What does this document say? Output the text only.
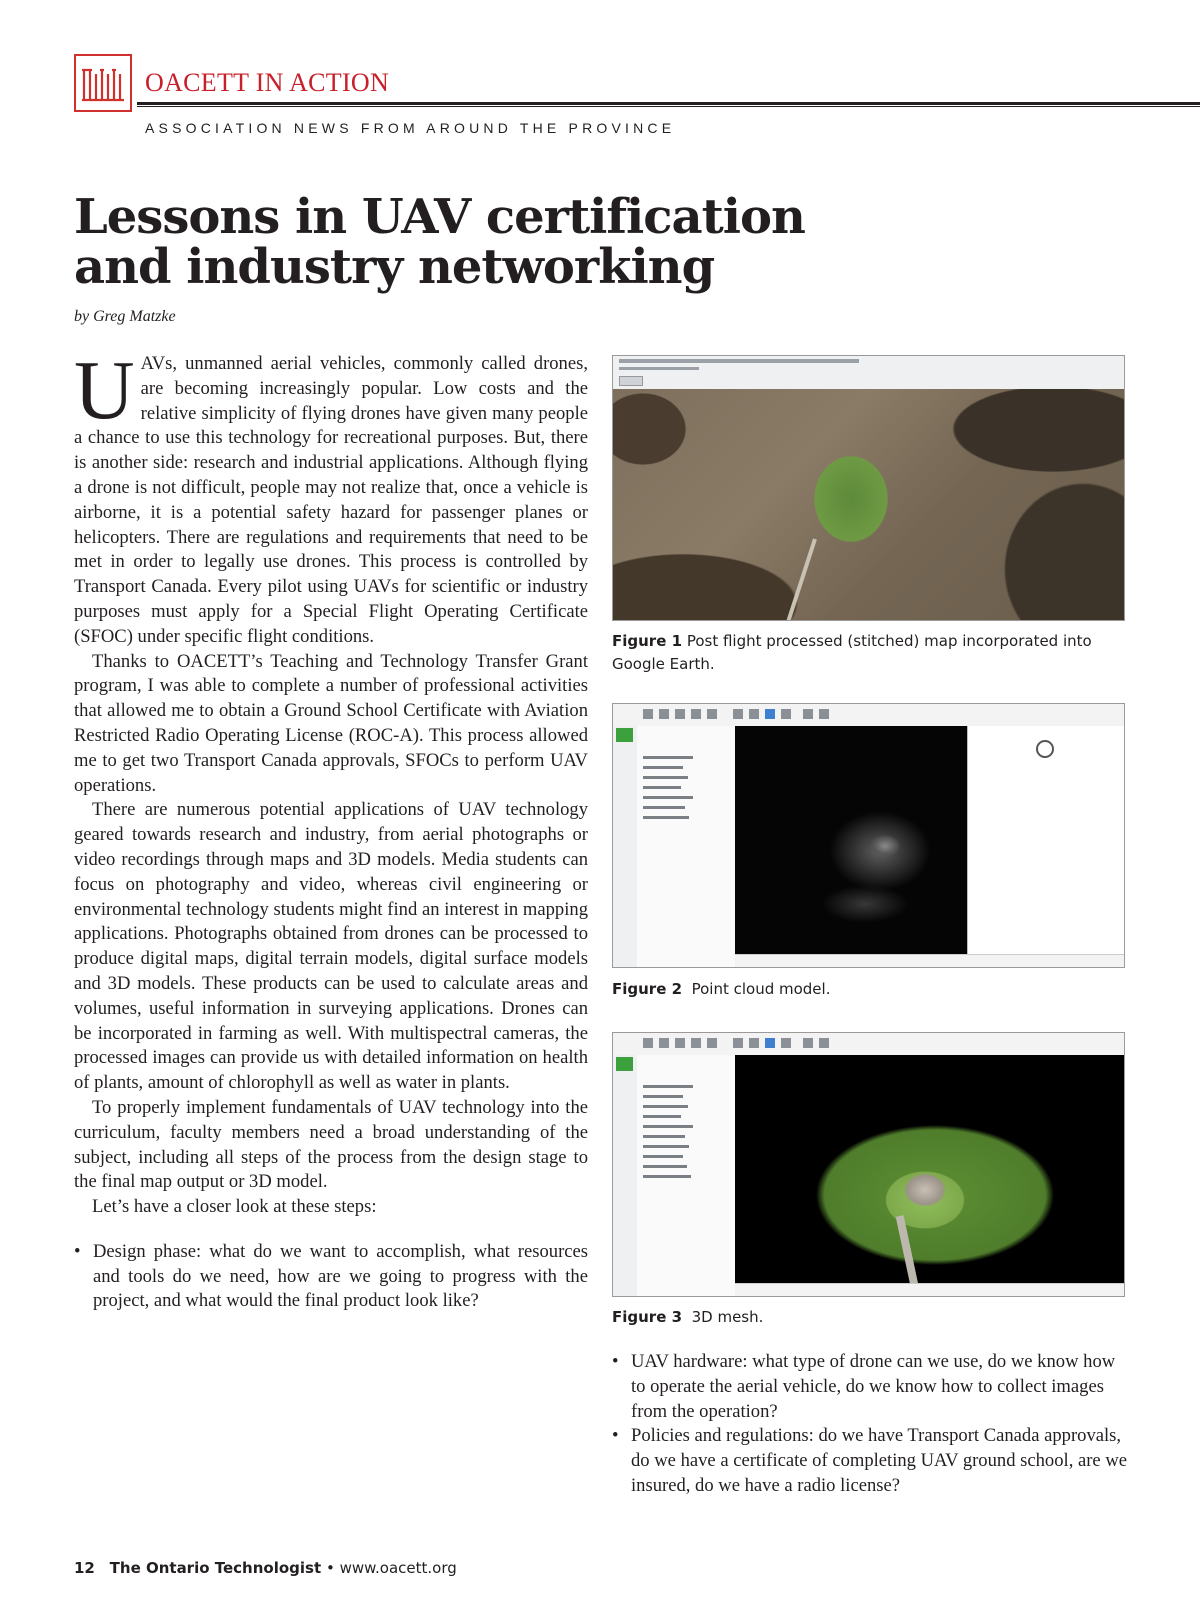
OACETT IN ACTION
ASSOCIATION NEWS FROM AROUND THE PROVINCE
Lessons in UAV certification and industry networking
by Greg Matzke

U AVs, unmanned aerial vehicles, commonly called drones, are becoming increasingly popular. Low costs and the relative simplicity of flying drones have given many people a chance to use this technology for recreational purposes. But, there is another side: research and industrial applications. Although flying a drone is not difficult, people may not realize that, once a vehicle is airborne, it is a potential safety hazard for passenger planes or helicopters. There are regulations and requirements that need to be met in order to legally use drones. This process is controlled by Transport Canada. Every pilot using UAVs for scientific or industry purposes must apply for a Special Flight Operating Certificate (SFOC) under specific flight conditions.

Thanks to OACETT’s Teaching and Technology Transfer Grant program, I was able to complete a number of professional activities that allowed me to obtain a Ground School Certificate with Aviation Restricted Radio Operating License (ROC-A). This process allowed me to get two Transport Canada approvals, SFOCs to perform UAV operations.

There are numerous potential applications of UAV technology geared towards research and industry, from aerial photographs or video recordings through maps and 3D models. Media students can focus on photography and video, whereas civil engineering or environmental technology students might find an interest in mapping applications. Photographs obtained from drones can be processed to produce digital maps, digital terrain models, digital surface models and 3D models. These products can be used to calculate areas and volumes, useful information in surveying applications. Drones can be incorporated in farming as well. With multispectral cameras, the processed images can provide us with detailed information on health of plants, amount of chlorophyll as well as water in plants.

To properly implement fundamentals of UAV technology into the curriculum, faculty members need a broad understanding of the subject, including all steps of the process from the design stage to the final map output or 3D model.

Let’s have a closer look at these steps:

• Design phase: what do we want to accomplish, what resources and tools do we need, how are we going to progress with the project, and what would the final product look like?
Figure 1 Post flight processed (stitched) map incorporated into Google Earth.
Figure 2 Point cloud model.
Figure 3 3D mesh.
• UAV hardware: what type of drone can we use, do we know how to operate the aerial vehicle, do we know how to collect images from the operation?
• Policies and regulations: do we have Transport Canada approvals, do we have a certificate of completing UAV ground school, are we insured, do we have a radio license?
12 The Ontario Technologist • www.oacett.org
